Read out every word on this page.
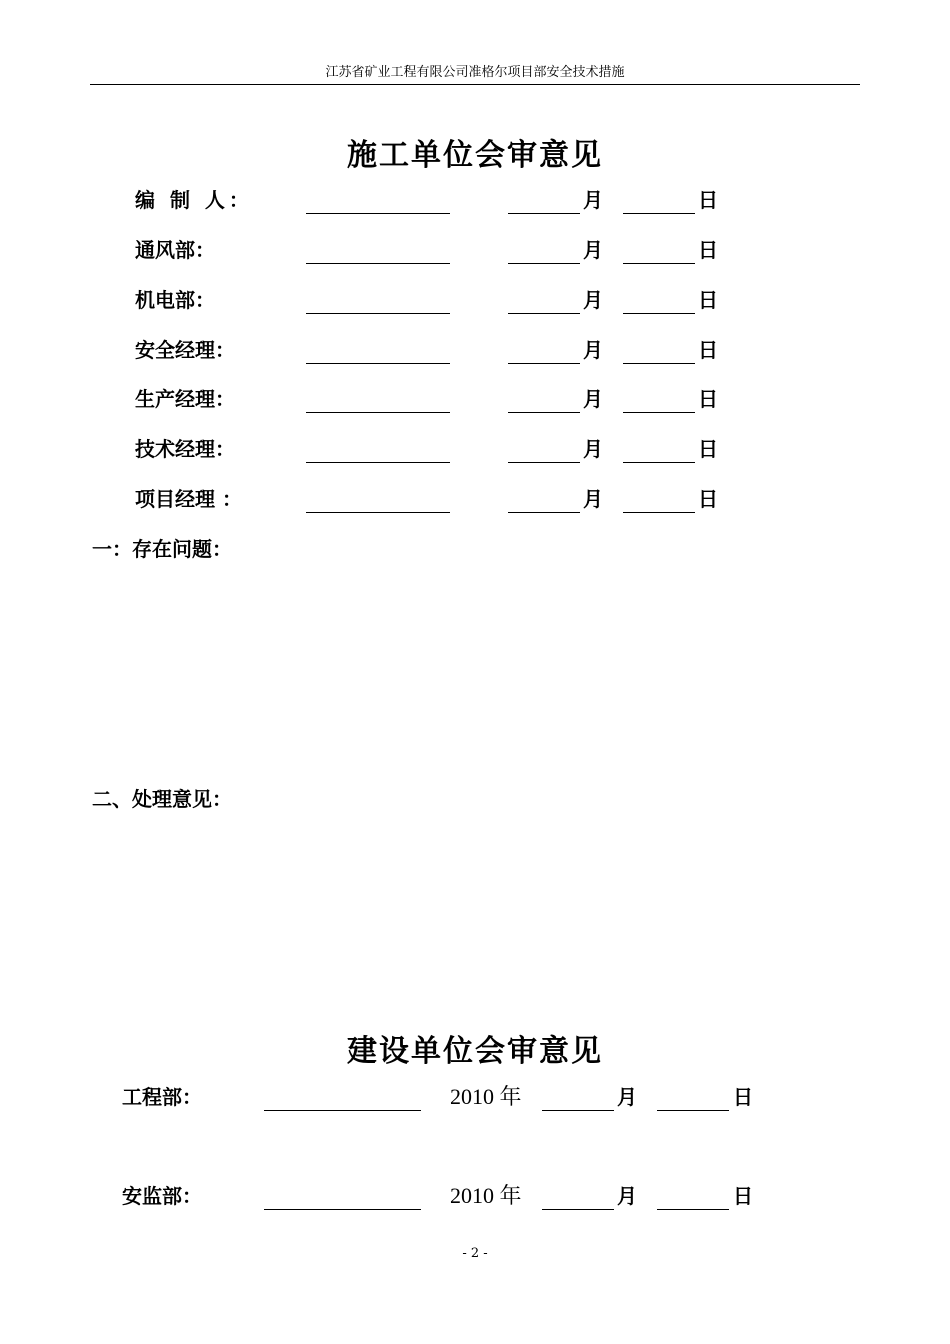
江苏省矿业工程有限公司准格尔项目部安全技术措施
施工单位会审意见
编 制 人：	月	日
通风部：	月	日
机电部：	月	日
安全经理：	月	日
生产经理：	月	日
技术经理：	月	日
项目经理 ：	月	日
一：存在问题：
二、处理意见：
建设单位会审意见
工程部：	2010 年	月	日
安监部：	2010 年	月	日
- 2 -
